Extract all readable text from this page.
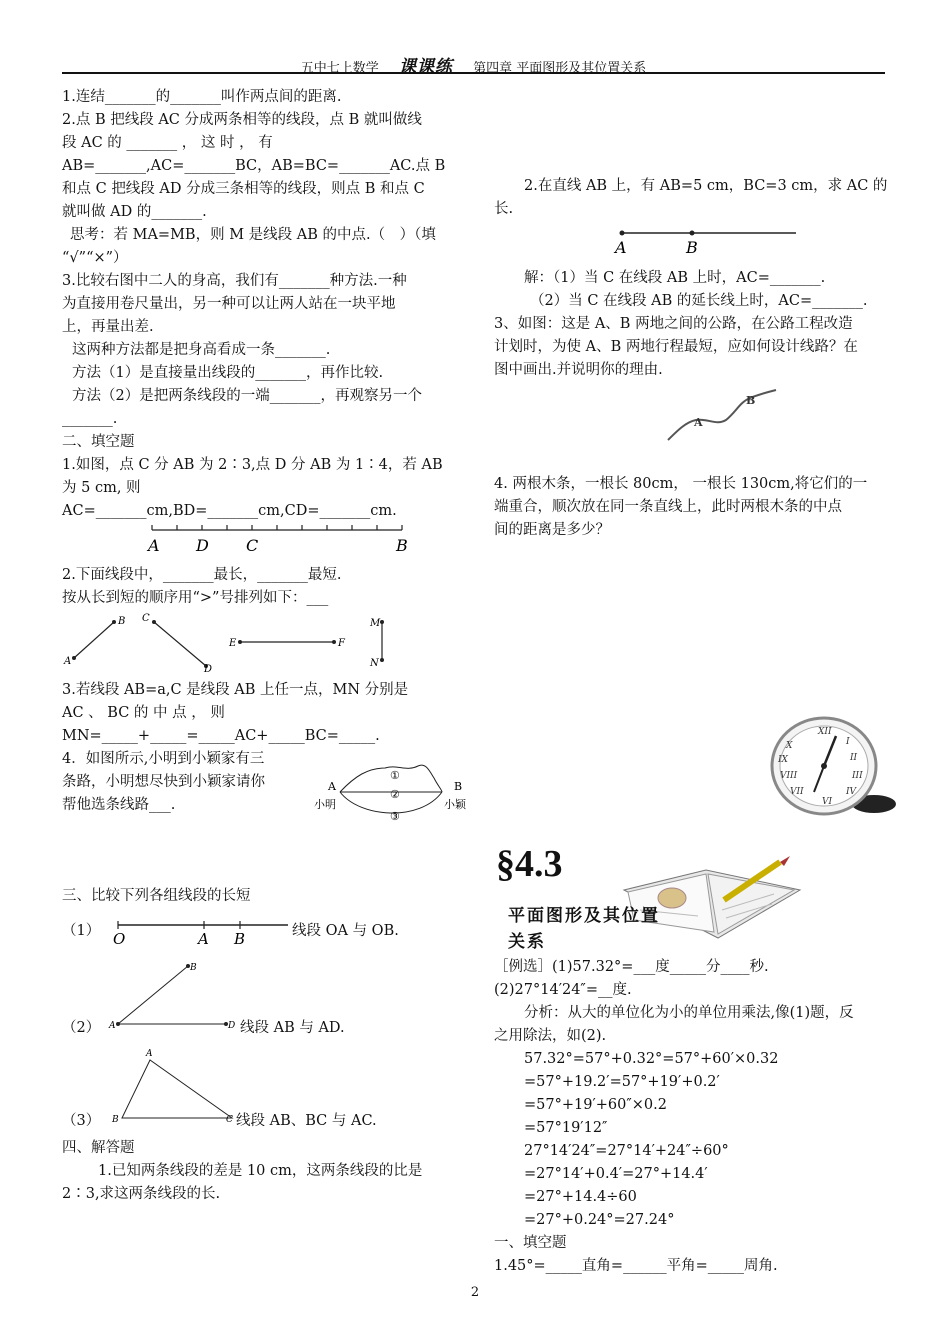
五中七上数学 课课练 第四章 平面图形及其位置关系
1.连结_______的_______叫作两点间的距离.
2.点 B 把线段 AC 分成两条相等的线段，点 B 就叫做线
段 AC 的 _______ ， 这 时 ， 有
AB=_______,AC=_______BC，AB=BC=_______AC.点 B
和点 C 把线段 AD 分成三条相等的线段，则点 B 和点 C
就叫做 AD 的_______.
思考：若 MA=MB，则 M 是线段 AB 的中点.（　）（填
“√”“×”）
3.比较右图中二人的身高，我们有_______种方法.一种
为直接用卷尺量出，另一种可以让两人站在一块平地
上，再量出差.
这两种方法都是把身高看成一条_______.
方法（1）是直接量出线段的_______，再作比较.
方法（2）是把两条线段的一端_______，再观察另一个
_______.
二、填空题
1.如图，点 C 分 AB 为 2∶3,点 D 分 AB 为 1∶4，若 AB
为 5 cm, 则
AC=_______cm,BD=_______cm,CD=_______cm.
A D C	B
2.下面线段中，_______最长，_______最短.
按从长到短的顺序用“>”号排列如下：___
A
B C
D
E	F
M
N
3.若线段 AB=a,C 是线段 AB 上任一点，MN 分别是
AC 、 BC 的 中 点 ， 则
MN=_____+_____=_____AC+_____BC=_____.
4．如图所示,小明到小颖家有三
条路，小明想尽快到小颖家请你
帮他选条线路___.
A	B
小明	小颖
①
②
③
三、比较下列各组线段的长短
（1） O	A B	线段 OA 与 OB.
（2） A
B
D 线段 AB 与 AD.
（3）
A
B	C 线段 AB、BC 与 AC.
四、解答题
1.已知两条线段的差是 10 cm，这两条线段的比是
2∶3,求这两条线段的长.
2.在直线 AB 上，有 AB=5 cm，BC=3 cm，求 AC 的
长.
A	B
解：（1）当 C 在线段 AB 上时，AC=_______.
（2）当 C 在线段 AB 的延长线上时，AC=_______.
3、如图：这是 A、B 两地之间的公路，在公路工程改造
计划时，为使 A、B 两地行程最短，应如何设计线路？在
图中画出.并说明你的理由.
A
B
4. 两根木条，一根长 80cm， 一根长 130cm,将它们的一
端重合，顺次放在同一条直线上，此时两根木条的中点
间的距离是多少？
XII
I
II
III
IV
VI
VII
VIII
IX
X
§4.3
平面图形及其位置
关系
［例选］(1)57.32°=___度_____分____秒.
(2)27°14′24″=__度.
分析：从大的单位化为小的单位用乘法,像(1)题，反
之用除法，如(2).
57.32°=57°+0.32°=57°+60′×0.32
=57°+19.2′=57°+19′+0.2′
=57°+19′+60″×0.2
=57°19′12″
27°14′24″=27°14′+24″÷60°
=27°14′+0.4′=27°+14.4′
=27°+14.4÷60
=27°+0.24°=27.24°
一、填空题
1.45°=_____直角=______平角=_____周角.
2
